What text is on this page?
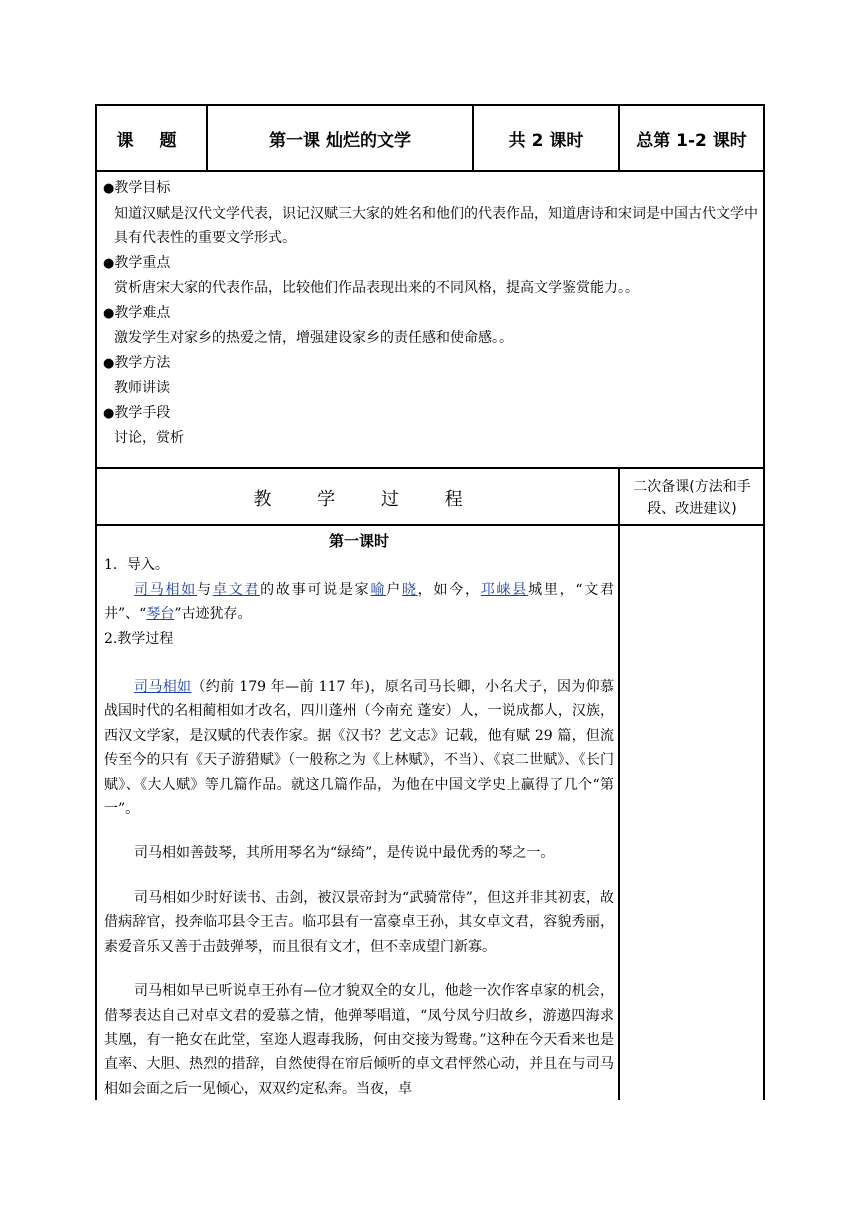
课 题	第一课 灿烂的文学	共 2 课时	总第 1-2 课时
●教学目标
知道汉赋是汉代文学代表，识记汉赋三大家的姓名和他们的代表作品，知道唐诗和宋词是中国古代文学中具有代表性的重要文学形式。
●教学重点
赏析唐宋大家的代表作品，比较他们作品表现出来的不同风格，提高文学鉴赏能力。。
●教学难点
激发学生对家乡的热爱之情，增强建设家乡的责任感和使命感。。
●教学方法
教师讲读
●教学手段
讨论，赏析
教 学 过 程
二次备课(方法和手段、改进建议)

第一课时

1．导入。

司马相如与卓文君的故事可说是家喻户晓，如今，邛崃县城里，“文君井”、“琴台”古迹犹存。

2.教学过程

司马相如（约前 179 年—前 117 年)，原名司马长卿，小名犬子，因为仰慕战国时代的名相蔺相如才改名，四川蓬州（今南充 蓬安）人，一说成都人，汉族，西汉文学家，是汉赋的代表作家。据《汉书？艺文志》记载，他有赋 29 篇，但流传至今的只有《天子游猎赋》（一般称之为《上林赋》，不当）、《哀二世赋》、《长门赋》、《大人赋》等几篇作品。就这几篇作品，为他在中国文学史上赢得了几个“第一”。

司马相如善鼓琴，其所用琴名为“绿绮”，是传说中最优秀的琴之一。

司马相如少时好读书、击剑，被汉景帝封为“武骑常侍”，但这并非其初衷，故借病辞官，投奔临邛县令王吉。临邛县有一富豪卓王孙，其女卓文君，容貌秀丽，素爱音乐又善于击鼓弹琴，而且很有文才，但不幸成望门新寡。

司马相如早已听说卓王孙有—位才貌双全的女儿，他趁一次作客卓家的机会，借琴表达自己对卓文君的爱慕之情，他弹琴唱道，“凤兮凤兮归故乡，游遨四海求其凰，有一艳女在此堂，室迩人遐毒我肠，何由交接为鸳鸯。”这种在今天看来也是直率、大胆、热烈的措辞，自然使得在帘后倾听的卓文君怦然心动，并且在与司马相如会面之后一见倾心，双双约定私奔。当夜，卓
